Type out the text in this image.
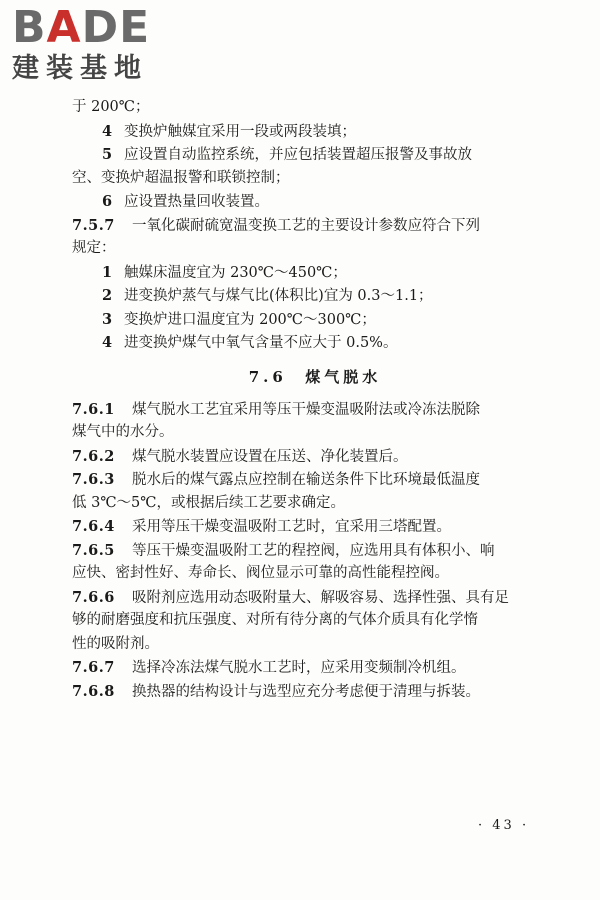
BADE
建装基地
于 200℃；
4 变换炉触媒宜采用一段或两段装填；
5 应设置自动监控系统，并应包括装置超压报警及事故放
空、变换炉超温报警和联锁控制；
6 应设置热量回收装置。
7.5.7 一氧化碳耐硫宽温变换工艺的主要设计参数应符合下列
规定：
1 触媒床温度宜为 230℃～450℃；
2 进变换炉蒸气与煤气比(体积比)宜为 0.3～1.1；
3 变换炉进口温度宜为 200℃～300℃；
4 进变换炉煤气中氧气含量不应大于 0.5%。
7.6 煤气脱水
7.6.1 煤气脱水工艺宜采用等压干燥变温吸附法或冷冻法脱除
煤气中的水分。
7.6.2 煤气脱水装置应设置在压送、净化装置后。
7.6.3 脱水后的煤气露点应控制在输送条件下比环境最低温度
低 3℃～5℃，或根据后续工艺要求确定。
7.6.4 采用等压干燥变温吸附工艺时，宜采用三塔配置。
7.6.5 等压干燥变温吸附工艺的程控阀，应选用具有体积小、响
应快、密封性好、寿命长、阀位显示可靠的高性能程控阀。
7.6.6 吸附剂应选用动态吸附量大、解吸容易、选择性强、具有足
够的耐磨强度和抗压强度、对所有待分离的气体介质具有化学惰
性的吸附剂。
7.6.7 选择冷冻法煤气脱水工艺时，应采用变频制冷机组。
7.6.8 换热器的结构设计与选型应充分考虑便于清理与拆装。
· 43 ·
